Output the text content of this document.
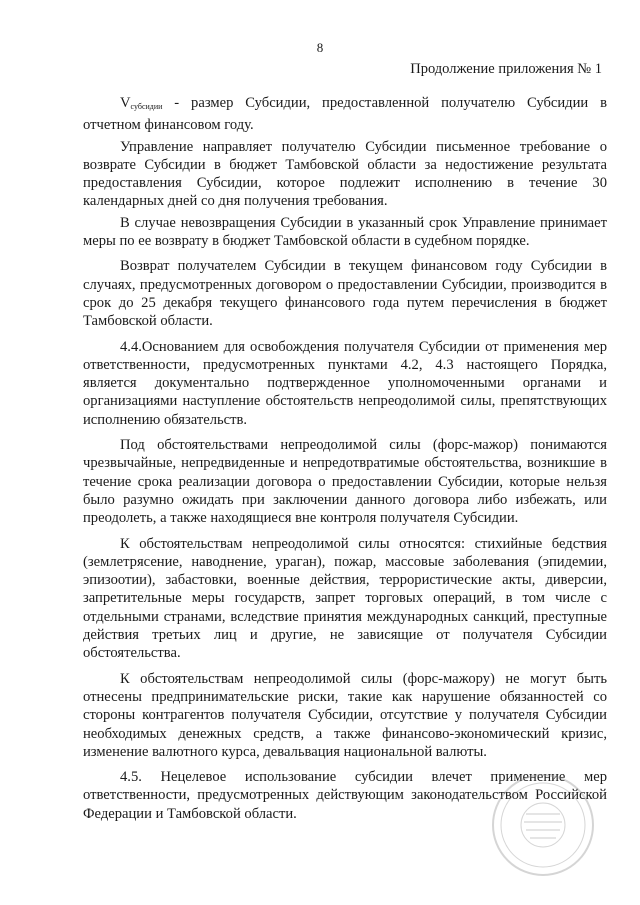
8
Продолжение приложения № 1

$V_{субсидии}$ - размер Субсидии, предоставленной получателю Субсидии в отчетном финансовом году.

Управление направляет получателю Субсидии письменное требование о возврате Субсидии в бюджет Тамбовской области за недостижение результата предоставления Субсидии, которое подлежит исполнению в течение 30 календарных дней со дня получения требования.

В случае невозвращения Субсидии в указанный срок Управление принимает меры по ее возврату в бюджет Тамбовской области в судебном порядке.

Возврат получателем Субсидии в текущем финансовом году Субсидии в случаях, предусмотренных договором о предоставлении Субсидии, производится в срок до 25 декабря текущего финансового года путем перечисления в бюджет Тамбовской области.

4.4.Основанием для освобождения получателя Субсидии от применения мер ответственности, предусмотренных пунктами 4.2, 4.3 настоящего Порядка, является документально подтвержденное уполномоченными органами и организациями наступление обстоятельств непреодолимой силы, препятствующих исполнению обязательств.

Под обстоятельствами непреодолимой силы (форс-мажор) понимаются чрезвычайные, непредвиденные и непредотвратимые обстоятельства, возникшие в течение срока реализации договора о предоставлении Субсидии, которые нельзя было разумно ожидать при заключении данного договора либо избежать, или преодолеть, а также находящиеся вне контроля получателя Субсидии.

К обстоятельствам непреодолимой силы относятся: стихийные бедствия (землетрясение, наводнение, ураган), пожар, массовые заболевания (эпидемии, эпизоотии), забастовки, военные действия, террористические акты, диверсии, запретительные меры государств, запрет торговых операций, в том числе с отдельными странами, вследствие принятия международных санкций, преступные действия третьих лиц и другие, не зависящие от получателя Субсидии обстоятельства.

К обстоятельствам непреодолимой силы (форс-мажору) не могут быть отнесены предпринимательские риски, такие как нарушение обязанностей со стороны контрагентов получателя Субсидии, отсутствие у получателя Субсидии необходимых денежных средств, а также финансово-экономический кризис, изменение валютного курса, девальвация национальной валюты.

4.5. Нецелевое использование субсидии влечет применение мер ответственности, предусмотренных действующим законодательством Российской Федерации и Тамбовской области.
